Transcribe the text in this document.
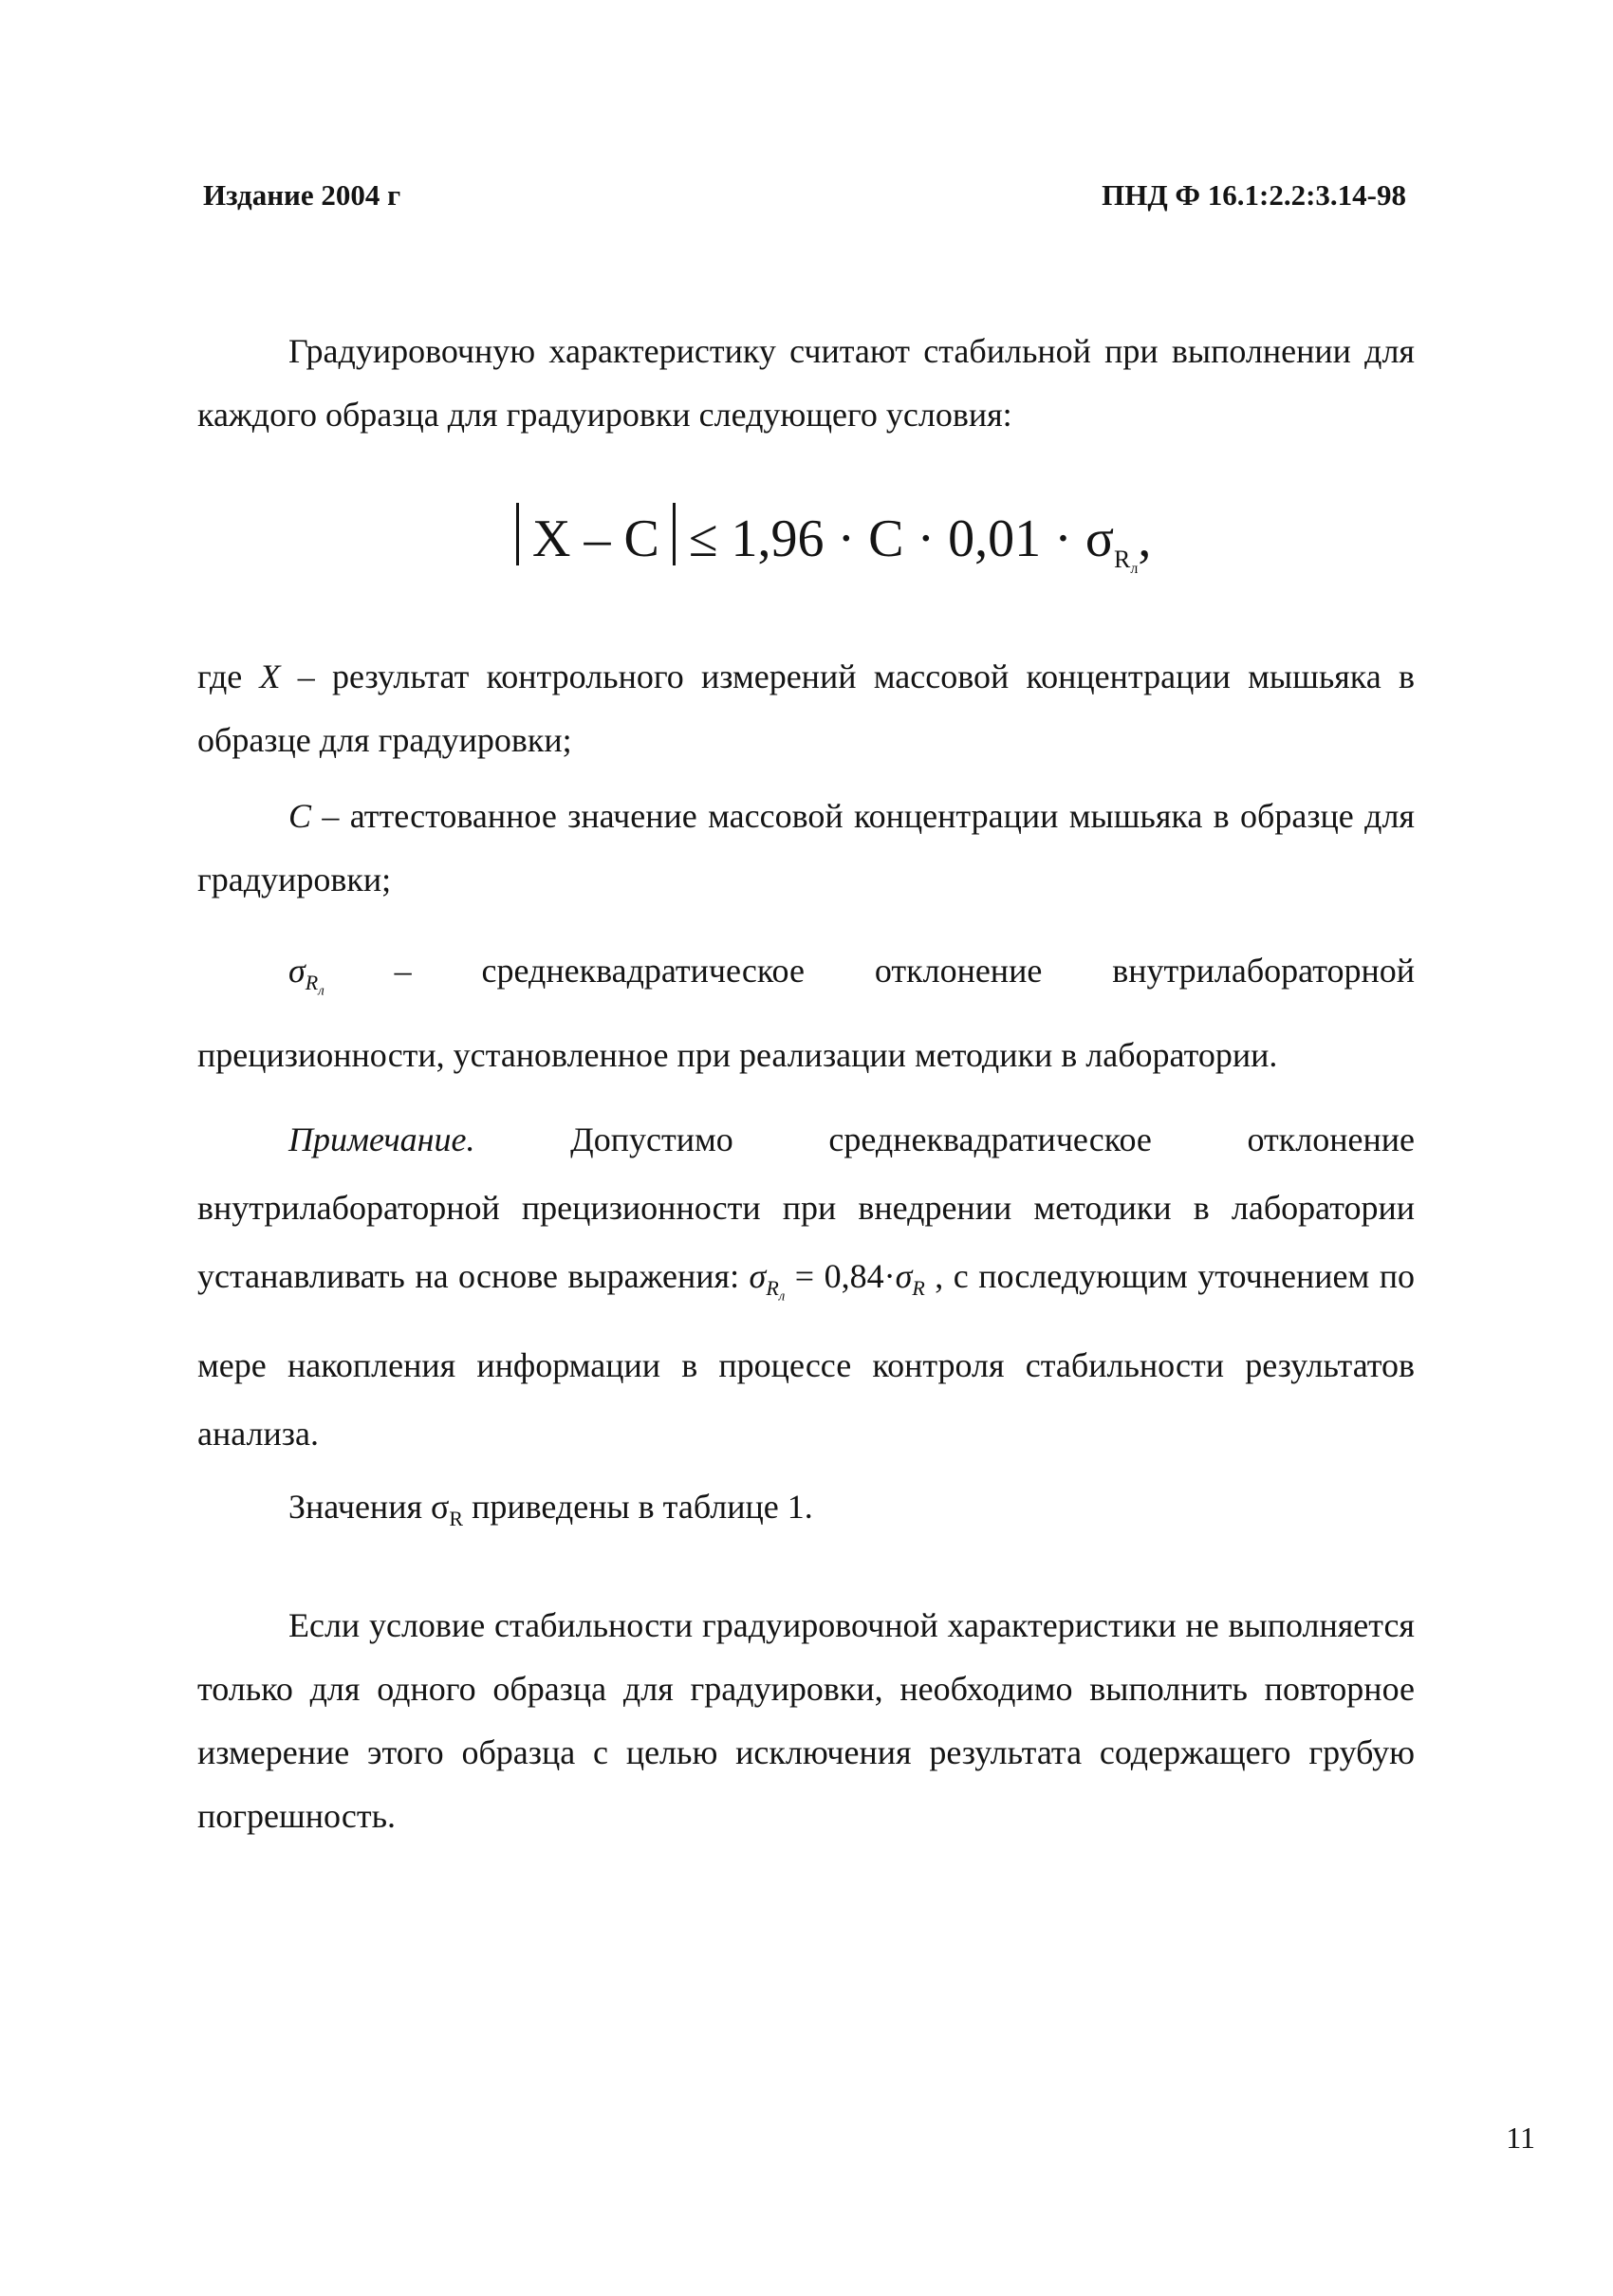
Издание 2004 г	ПНД Ф 16.1:2.2:3.14-98

Градуировочную характеристику считают стабильной при выполнении для каждого образца для градуировки следующего условия:

$X - C \le 1,96 \cdot C \cdot 0,01 \cdot \sigma_{R_л}$,

где X – результат контрольного измерений массовой концентрации мышьяка в образце для градуировки;

C – аттестованное значение массовой концентрации мышьяка в образце для градуировки;

$\sigma_{R_л}$ – среднеквадратическое отклонение внутрилабораторной прецизионности, установленное при реализации методики в лаборатории.

Примечание. Допустимо среднеквадратическое отклонение внутрилабораторной прецизионности при внедрении методики в лаборатории устанавливать на основе выражения: $\sigma_{R_л} = 0,84\cdot\sigma_R$ , с последующим уточнением по мере накопления информации в процессе контроля стабильности результатов анализа.

Значения $\sigma_R$ приведены в таблице 1.

Если условие стабильности градуировочной характеристики не выполняется только для одного образца для градуировки, необходимо выполнить повторное измерение этого образца с целью исключения результата содержащего грубую погрешность.

11
